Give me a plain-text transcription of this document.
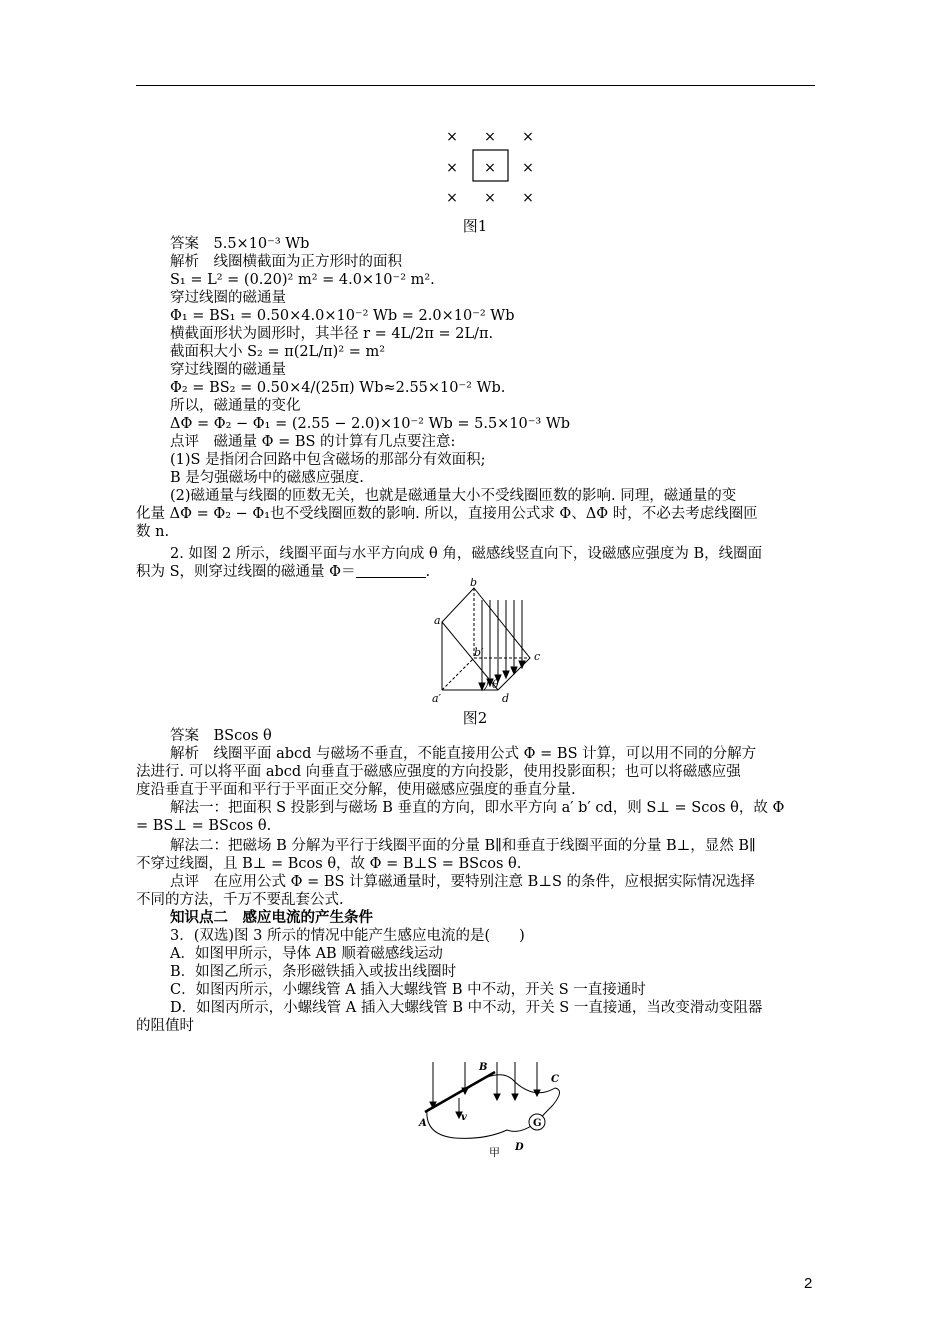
× × ×
× × ×
× × ×
图1
答案　5.5×10⁻³ Wb
解析　线圈横截面为正方形时的面积
S₁ = L² = (0.20)² m² = 4.0×10⁻² m².
穿过线圈的磁通量
Φ₁ = BS₁ = 0.50×4.0×10⁻² Wb = 2.0×10⁻² Wb
横截面形状为圆形时，其半径 r = 4L/2π = 2L/π.
截面积大小 S₂ = π(2L/π)² = m²
穿过线圈的磁通量
Φ₂ = BS₂ = 0.50×4/(25π) Wb≈2.55×10⁻² Wb.
所以，磁通量的变化
ΔΦ = Φ₂ − Φ₁ = (2.55 − 2.0)×10⁻² Wb = 5.5×10⁻³ Wb
点评　磁通量 Φ = BS 的计算有几点要注意:
(1)S 是指闭合回路中包含磁场的那部分有效面积;
B 是匀强磁场中的磁感应强度.
(2)磁通量与线圈的匝数无关，也就是磁通量大小不受线圈匝数的影响. 同理，磁通量的变
化量 ΔΦ = Φ₂ − Φ₁也不受线圈匝数的影响. 所以，直接用公式求 Φ、ΔΦ 时，不必去考虑线圈匝
数 n.
2. 如图 2 所示，线圈平面与水平方向成 θ 角，磁感线竖直向下，设磁感应强度为 B，线圈面
积为 S，则穿过线圈的磁通量 Φ＝	.
b
a
c
d
a′
b′
θ
图2
答案　BScos θ
解析　线圈平面 abcd 与磁场不垂直，不能直接用公式 Φ = BS 计算，可以用不同的分解方
法进行. 可以将平面 abcd 向垂直于磁感应强度的方向投影，使用投影面积；也可以将磁感应强
度沿垂直于平面和平行于平面正交分解，使用磁感应强度的垂直分量.
解法一：把面积 S 投影到与磁场 B 垂直的方向，即水平方向 a′ b′ cd，则 S⊥ = Scos θ，故 Φ
= BS⊥ = BScos θ.
解法二：把磁场 B 分解为平行于线圈平面的分量 B∥和垂直于线圈平面的分量 B⊥，显然 B∥
不穿过线圈，且 B⊥ = Bcos θ，故 Φ = B⊥S = BScos θ.
点评　在应用公式 Φ = BS 计算磁通量时，要特别注意 B⊥S 的条件，应根据实际情况选择
不同的方法，千万不要乱套公式.
知识点二　感应电流的产生条件
3．(双选)图 3 所示的情况中能产生感应电流的是(　　)
A．如图甲所示，导体 AB 顺着磁感线运动
B．如图乙所示，条形磁铁插入或拔出线圈时
C．如图丙所示，小螺线管 A 插入大螺线管 B 中不动，开关 S 一直接通时
D．如图丙所示，小螺线管 A 插入大螺线管 B 中不动，开关 S 一直接通，当改变滑动变阻器
的阻值时
A
B
C
D
G
v
甲
2
